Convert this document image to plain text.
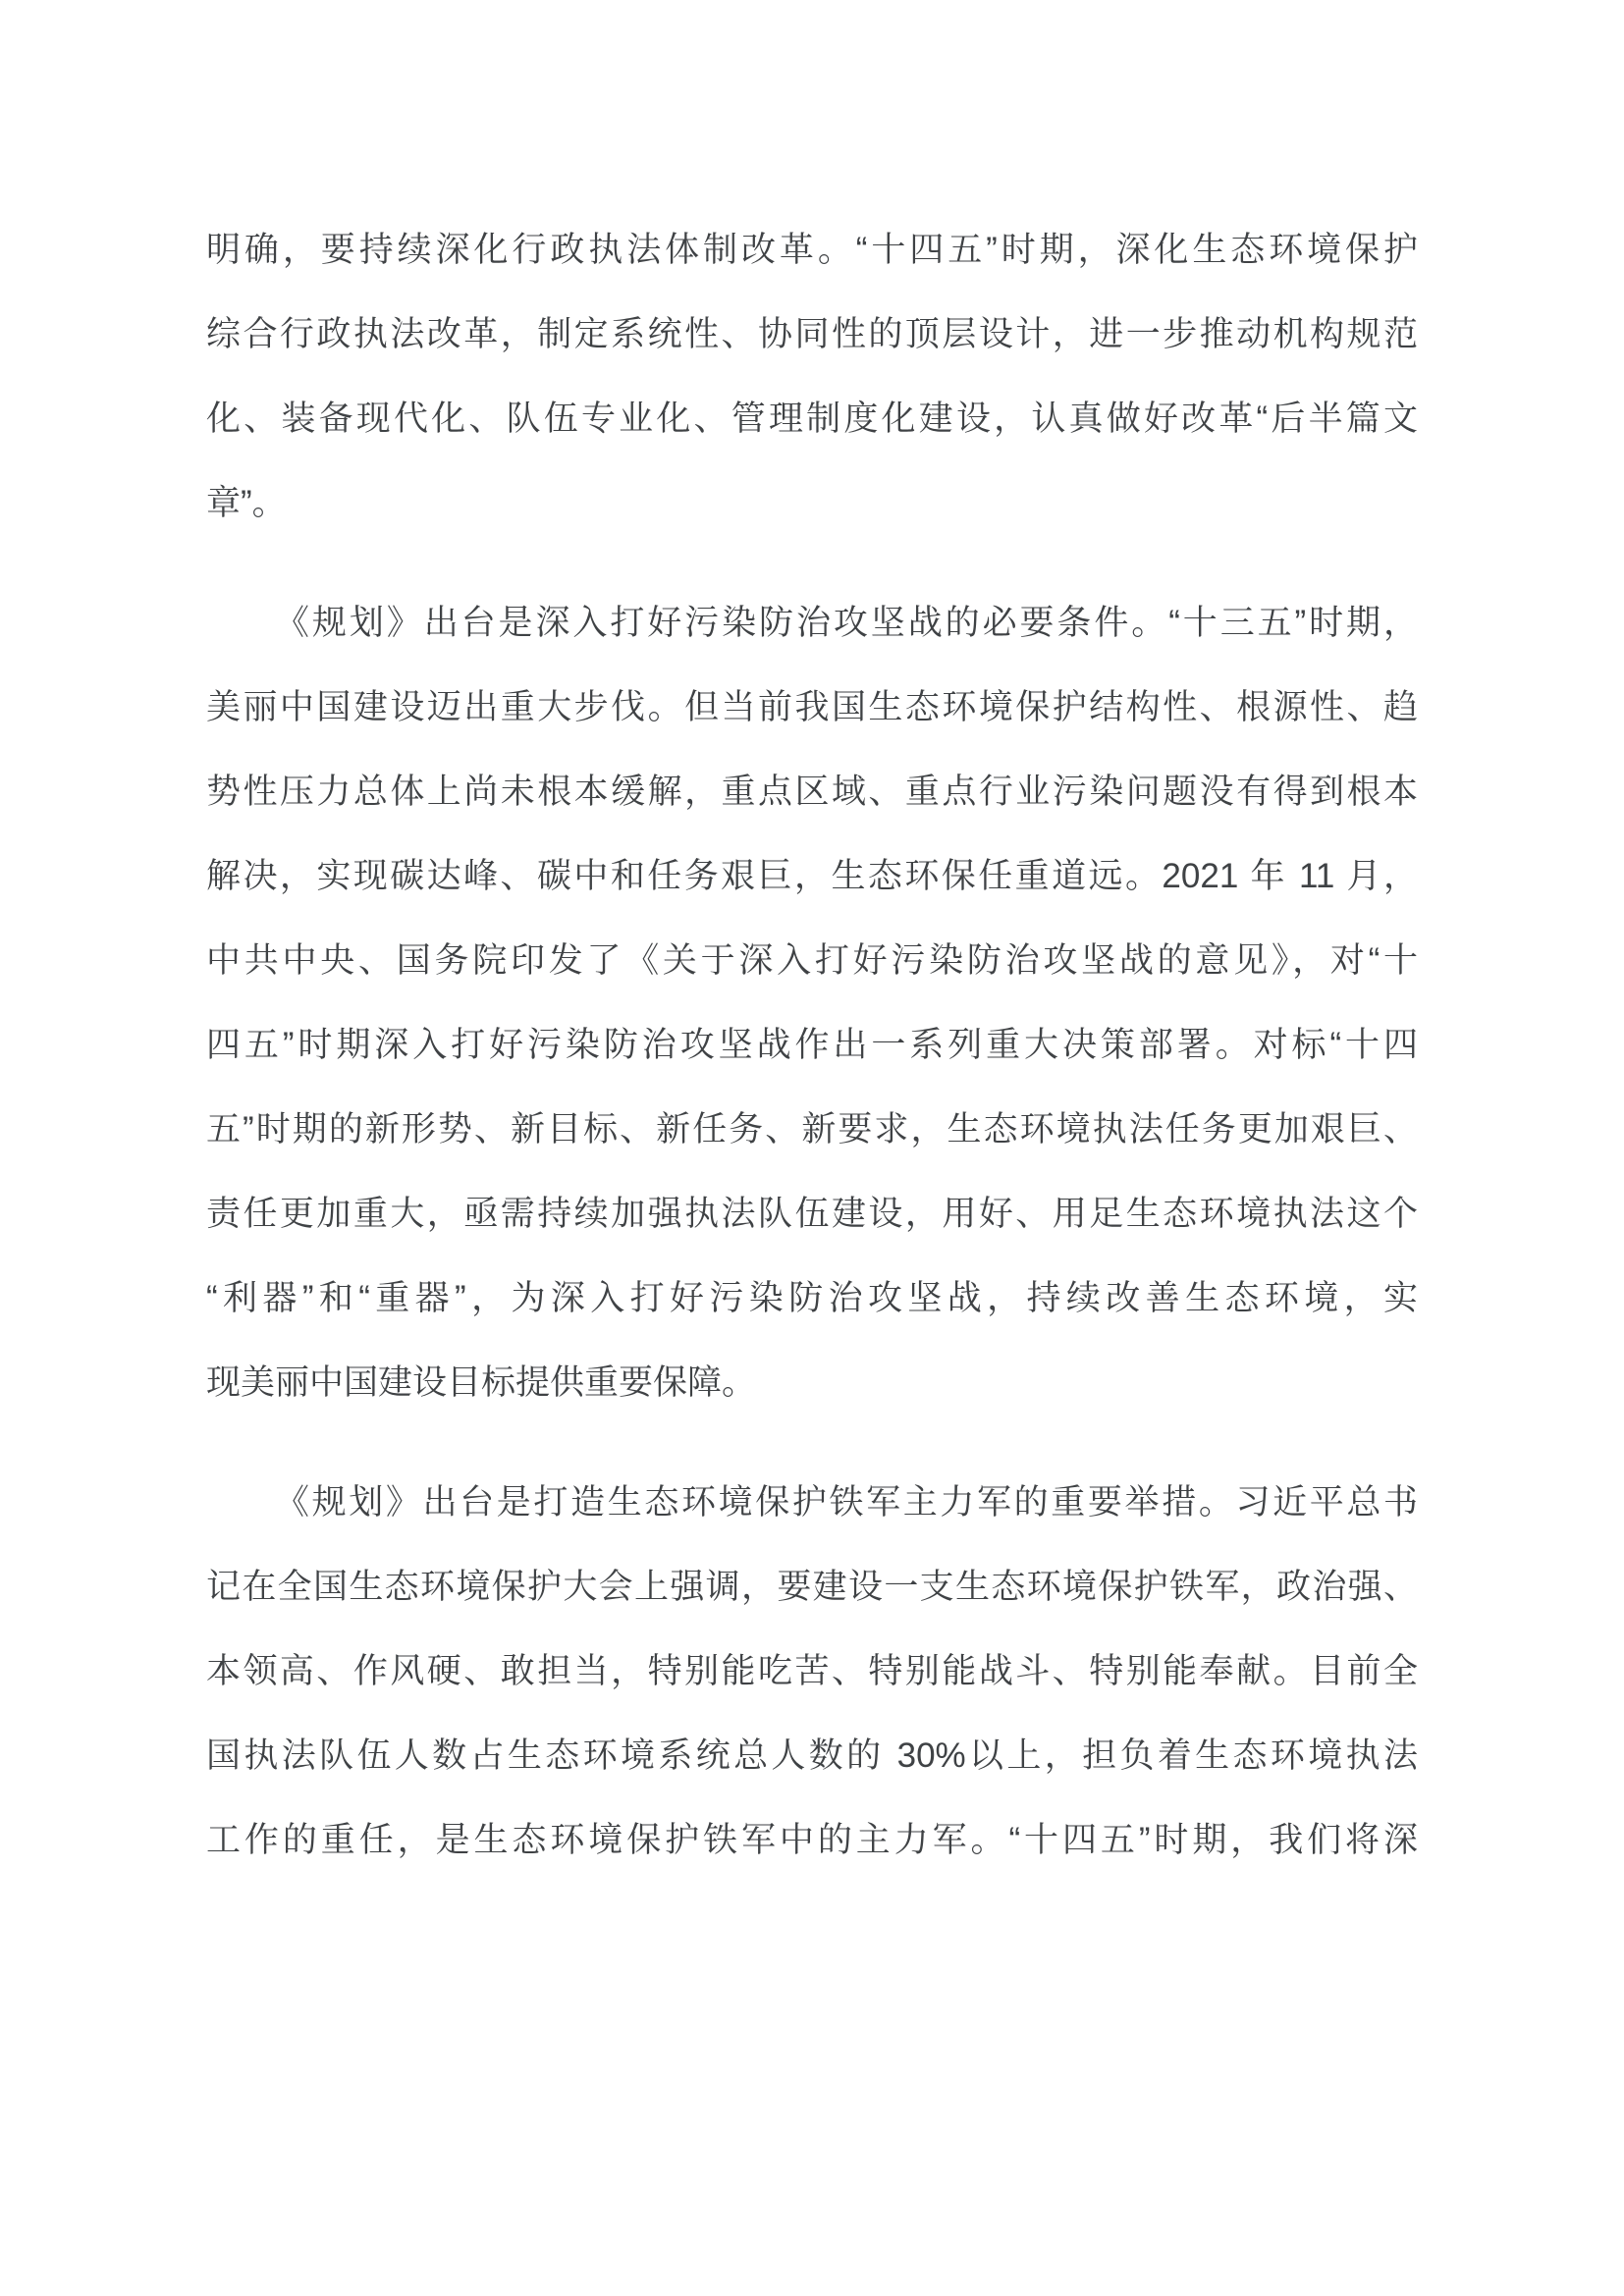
明确，要持续深化行政执法体制改革。“十四五”时期，深化生态环境保护
综合行政执法改革，制定系统性、协同性的顶层设计，进一步推动机构规范
化、装备现代化、队伍专业化、管理制度化建设，认真做好改革“后半篇文
章”。
《规划》出台是深入打好污染防治攻坚战的必要条件。“十三五”时期，
美丽中国建设迈出重大步伐。但当前我国生态环境保护结构性、根源性、趋
势性压力总体上尚未根本缓解，重点区域、重点行业污染问题没有得到根本
解决，实现碳达峰、碳中和任务艰巨，生态环保任重道远。2021 年 11 月，
中共中央、国务院印发了《关于深入打好污染防治攻坚战的意见》，对“十
四五”时期深入打好污染防治攻坚战作出一系列重大决策部署。对标“十四
五”时期的新形势、新目标、新任务、新要求，生态环境执法任务更加艰巨、
责任更加重大，亟需持续加强执法队伍建设，用好、用足生态环境执法这个
“利器”和“重器”，为深入打好污染防治攻坚战，持续改善生态环境，实
现美丽中国建设目标提供重要保障。
《规划》出台是打造生态环境保护铁军主力军的重要举措。习近平总书
记在全国生态环境保护大会上强调，要建设一支生态环境保护铁军，政治强、
本领高、作风硬、敢担当，特别能吃苦、特别能战斗、特别能奉献。目前全
国执法队伍人数占生态环境系统总人数的 30%以上，担负着生态环境执法
工作的重任，是生态环境保护铁军中的主力军。“十四五”时期，我们将深
